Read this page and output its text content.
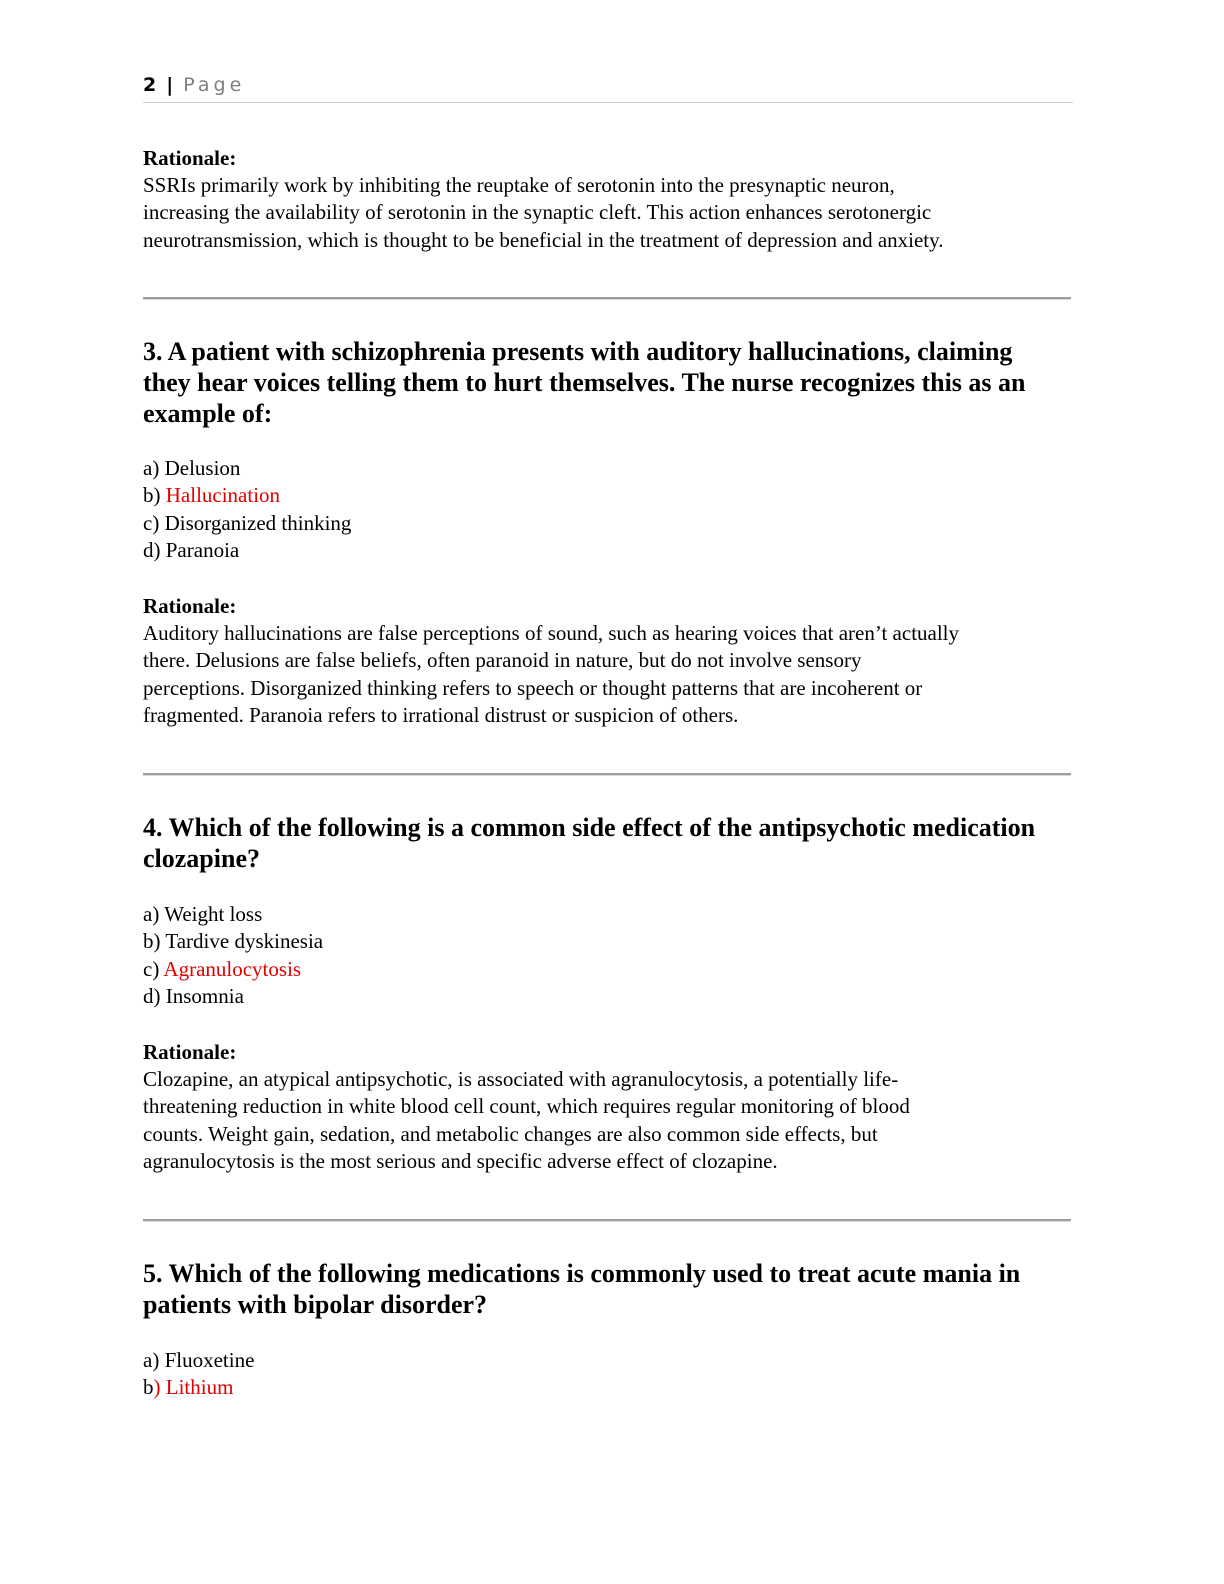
2 | Page
Rationale:
SSRIs primarily work by inhibiting the reuptake of serotonin into the presynaptic neuron,
increasing the availability of serotonin in the synaptic cleft. This action enhances serotonergic
neurotransmission, which is thought to be beneficial in the treatment of depression and anxiety.
3. A patient with schizophrenia presents with auditory hallucinations, claiming
they hear voices telling them to hurt themselves. The nurse recognizes this as an
example of:
a) Delusion
b) Hallucination
c) Disorganized thinking
d) Paranoia
Rationale:
Auditory hallucinations are false perceptions of sound, such as hearing voices that aren’t actually
there. Delusions are false beliefs, often paranoid in nature, but do not involve sensory
perceptions. Disorganized thinking refers to speech or thought patterns that are incoherent or
fragmented. Paranoia refers to irrational distrust or suspicion of others.
4. Which of the following is a common side effect of the antipsychotic medication
clozapine?
a) Weight loss
b) Tardive dyskinesia
c) Agranulocytosis
d) Insomnia
Rationale:
Clozapine, an atypical antipsychotic, is associated with agranulocytosis, a potentially life-
threatening reduction in white blood cell count, which requires regular monitoring of blood
counts. Weight gain, sedation, and metabolic changes are also common side effects, but
agranulocytosis is the most serious and specific adverse effect of clozapine.
5. Which of the following medications is commonly used to treat acute mania in
patients with bipolar disorder?
a) Fluoxetine
b) Lithium
